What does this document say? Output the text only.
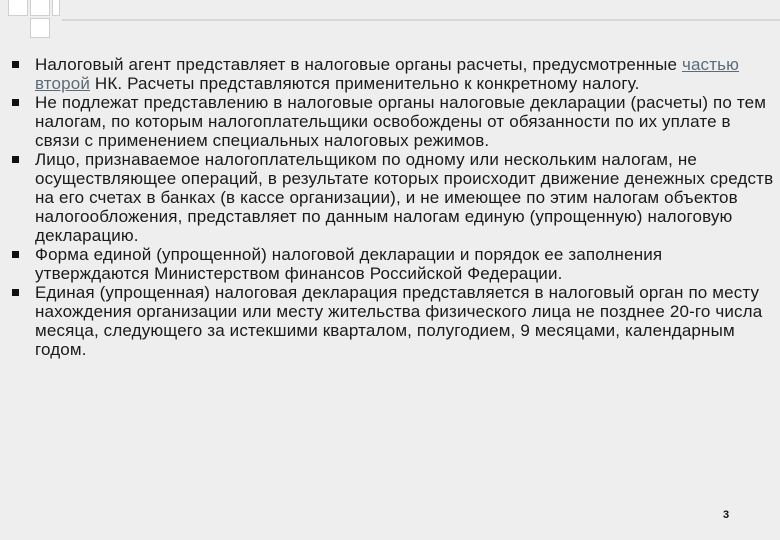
Налоговый агент представляет в налоговые органы расчеты, предусмотренные частью второй НК. Расчеты представляются применительно к конкретному налогу.
Не подлежат представлению в налоговые органы налоговые декларации (расчеты) по тем налогам, по которым налогоплательщики освобождены от обязанности по их уплате в связи с применением специальных налоговых режимов.
Лицо, признаваемое налогоплательщиком по одному или нескольким налогам, не осуществляющее операций, в результате которых происходит движение денежных средств на его счетах в банках (в кассе организации), и не имеющее по этим налогам объектов налогообложения, представляет по данным налогам единую (упрощенную) налоговую декларацию.
Форма единой (упрощенной) налоговой декларации и порядок ее заполнения утверждаются Министерством финансов Российской Федерации.
Единая (упрощенная) налоговая декларация представляется в налоговый орган по месту нахождения организации или месту жительства физического лица не позднее 20-го числа месяца, следующего за истекшими кварталом, полугодием, 9 месяцами, календарным годом.
3
